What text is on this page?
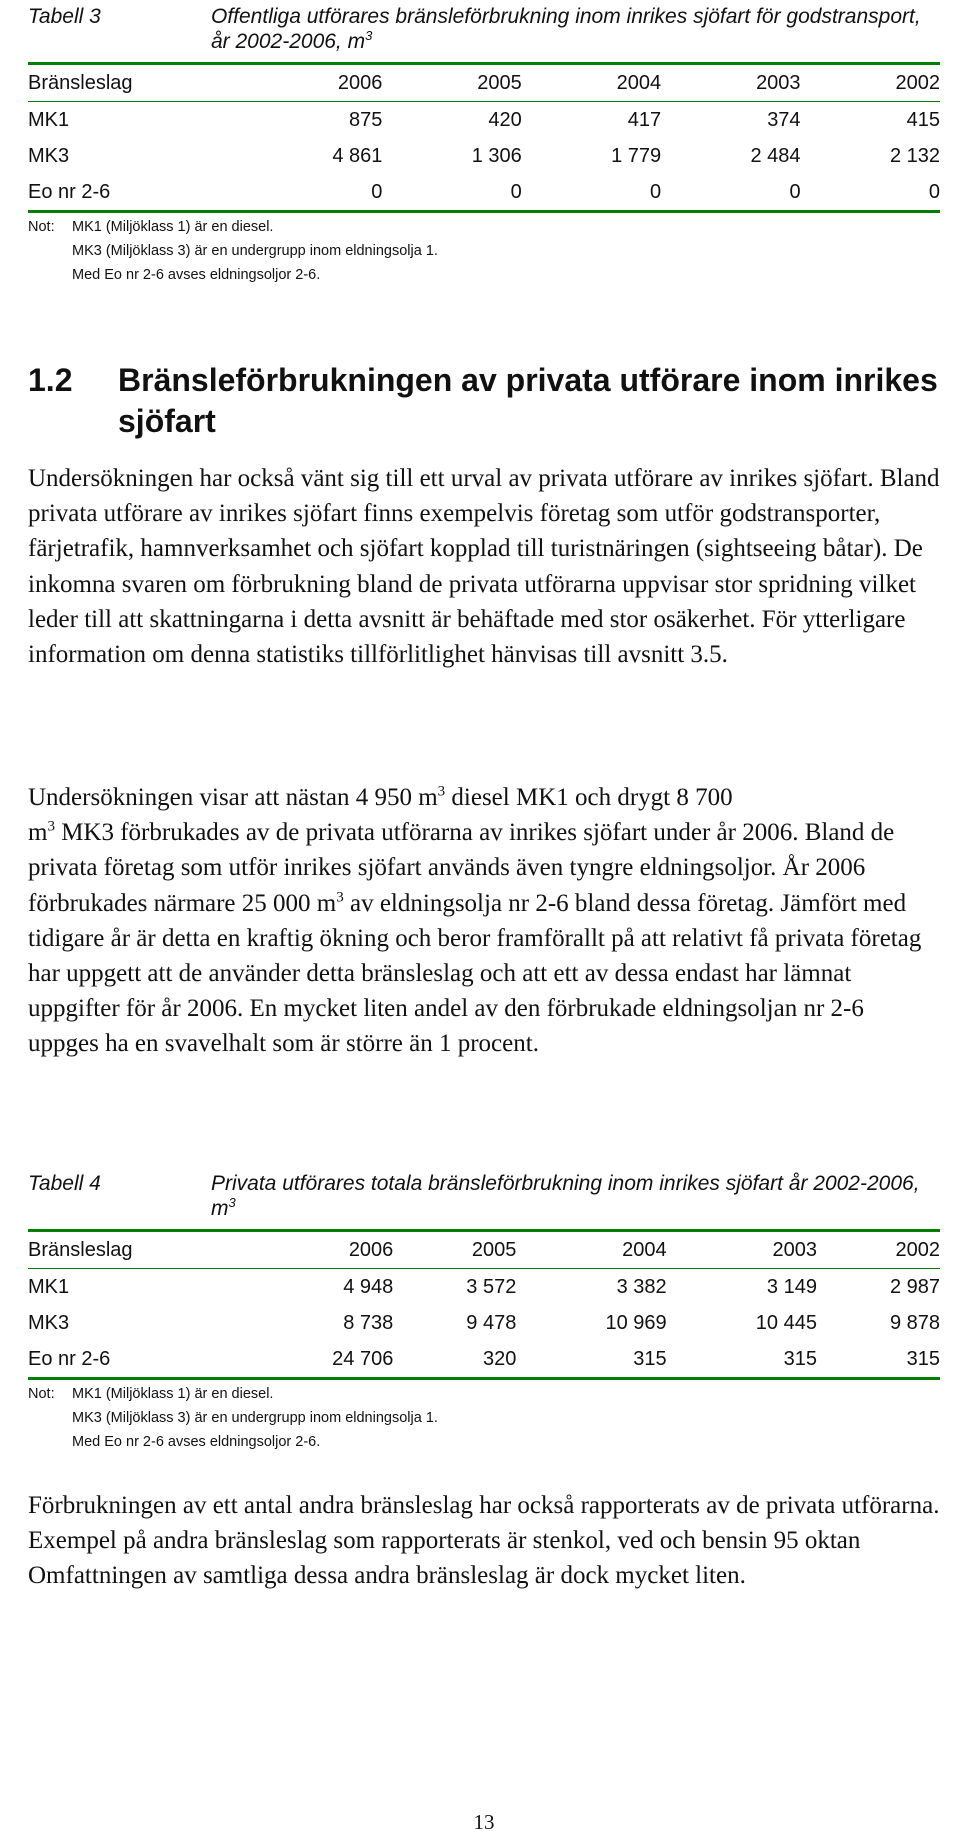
Tabell 3	Offentliga utförares bränsleförbrukning inom inrikes sjöfart för godstransport, år 2002-2006, $m^3$
Bränsleslag	2006	2005	2004	2003	2002
MK1	875	420	417	374	415
MK3	4 861	1 306	1 779	2 484	2 132
Eo nr 2-6	0	0	0	0	0
Not:	MK1 (Miljöklass 1) är en diesel.
MK3 (Miljöklass 3) är en undergrupp inom eldningsolja 1.
Med Eo nr 2-6 avses eldningsoljor 2-6.
1.2	Bränsleförbrukningen av privata utförare inom inrikes sjöfart

Undersökningen har också vänt sig till ett urval av privata utförare av inrikes sjöfart. Bland privata utförare av inrikes sjöfart finns exempelvis företag som utför godstransporter, färjetrafik, hamnverksamhet och sjöfart kopplad till turistnäringen (sightseeing båtar). De inkomna svaren om förbrukning bland de privata utförarna uppvisar stor spridning vilket leder till att skattningarna i detta avsnitt är behäftade med stor osäkerhet. För ytterligare information om denna statistiks tillförlitlighet hänvisas till avsnitt 3.5.

Undersökningen visar att nästan 4 950 $m^3$ diesel MK1 och drygt 8 700
$m^3$ MK3 förbrukades av de privata utförarna av inrikes sjöfart under år 2006. Bland de privata företag som utför inrikes sjöfart används även tyngre eldningsoljor. År 2006 förbrukades närmare 25 000 $m^3$ av eldningsolja nr 2-6 bland dessa företag. Jämfört med tidigare år är detta en kraftig ökning och beror framförallt på att relativt få privata företag har uppgett att de använder detta bränsleslag och att ett av dessa endast har lämnat uppgifter för år 2006. En mycket liten andel av den förbrukade eldningsoljan nr 2-6 uppges ha en svavelhalt som är större än 1 procent.

Tabell 4	Privata utförares totala bränsleförbrukning inom inrikes sjöfart år 2002-2006, $m^3$
Bränsleslag	2006	2005	2004	2003	2002
MK1	4 948	3 572	3 382	3 149	2 987
MK3	8 738	9 478	10 969	10 445	9 878
Eo nr 2-6	24 706	320	315	315	315
Not:	MK1 (Miljöklass 1) är en diesel.
MK3 (Miljöklass 3) är en undergrupp inom eldningsolja 1.
Med Eo nr 2-6 avses eldningsoljor 2-6.

Förbrukningen av ett antal andra bränsleslag har också rapporterats av de privata utförarna. Exempel på andra bränsleslag som rapporterats är stenkol, ved och bensin 95 oktan Omfattningen av samtliga dessa andra bränsleslag är dock mycket liten.

13
